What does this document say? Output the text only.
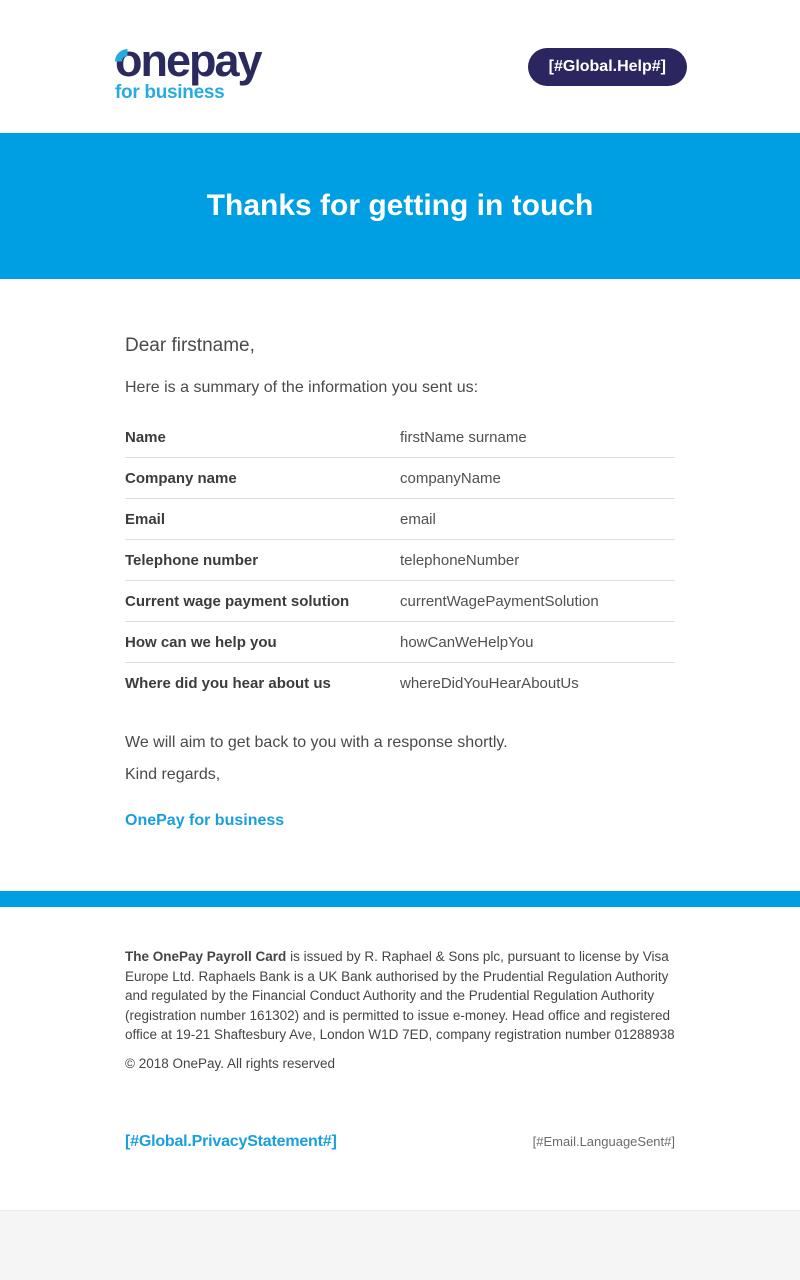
onepay
for business
[#Global.Help#]
Thanks for getting in touch

Dear firstname,

Here is a summary of the information you sent us:

Name	firstName surname
Company name	companyName
Email	email
Telephone number	telephoneNumber
Current wage payment solution	currentWagePaymentSolution
How can we help you	howCanWeHelpYou
Where did you hear about us	whereDidYouHearAboutUs

We will aim to get back to you with a response shortly.

Kind regards,

OnePay for business

The OnePay Payroll Card is issued by R. Raphael & Sons plc, pursuant to license by Visa Europe Ltd. Raphaels Bank is a UK Bank authorised by the Prudential Regulation Authority and regulated by the Financial Conduct Authority and the Prudential Regulation Authority (registration number 161302) and is permitted to issue e-money. Head office and registered office at 19-21 Shaftesbury Ave, London W1D 7ED, company registration number 01288938

© 2018 OnePay. All rights reserved

[#Global.PrivacyStatement#]	[#Email.LanguageSent#]
